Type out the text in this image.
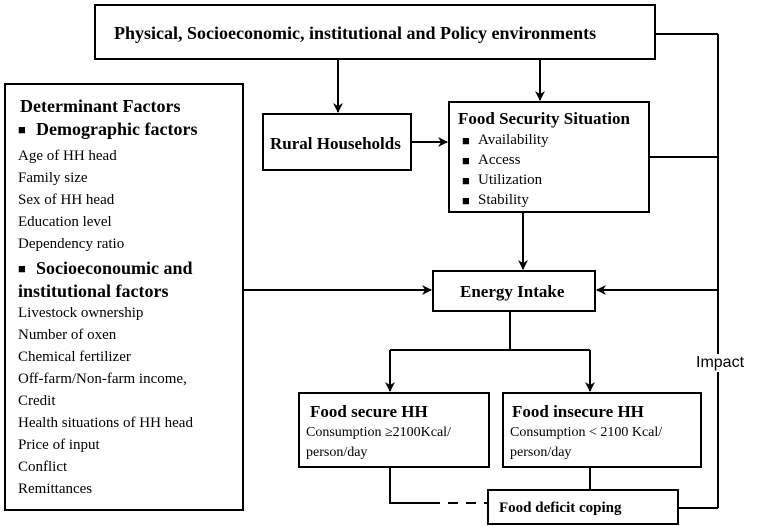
Physical, Socioeconomic, institutional and Policy environments
Rural Households
Food Security Situation
■ Availability
■ Access
■ Utilization
■ Stability
Energy Intake
Determinant Factors
■ Demographic factors
Age of HH head
Family size
Sex of HH head
Education level
Dependency ratio
■ Socioeconoumic and
institutional factors
Livestock ownership
Number of oxen
Chemical fertilizer
Off-farm/Non-farm income,
Credit
Health situations of HH head
Price of input
Conflict
Remittances
Food secure HH
Consumption ≥2100Kcal/
person/day
Food insecure HH
Consumption < 2100 Kcal/
person/day
Food deficit coping
Impact
